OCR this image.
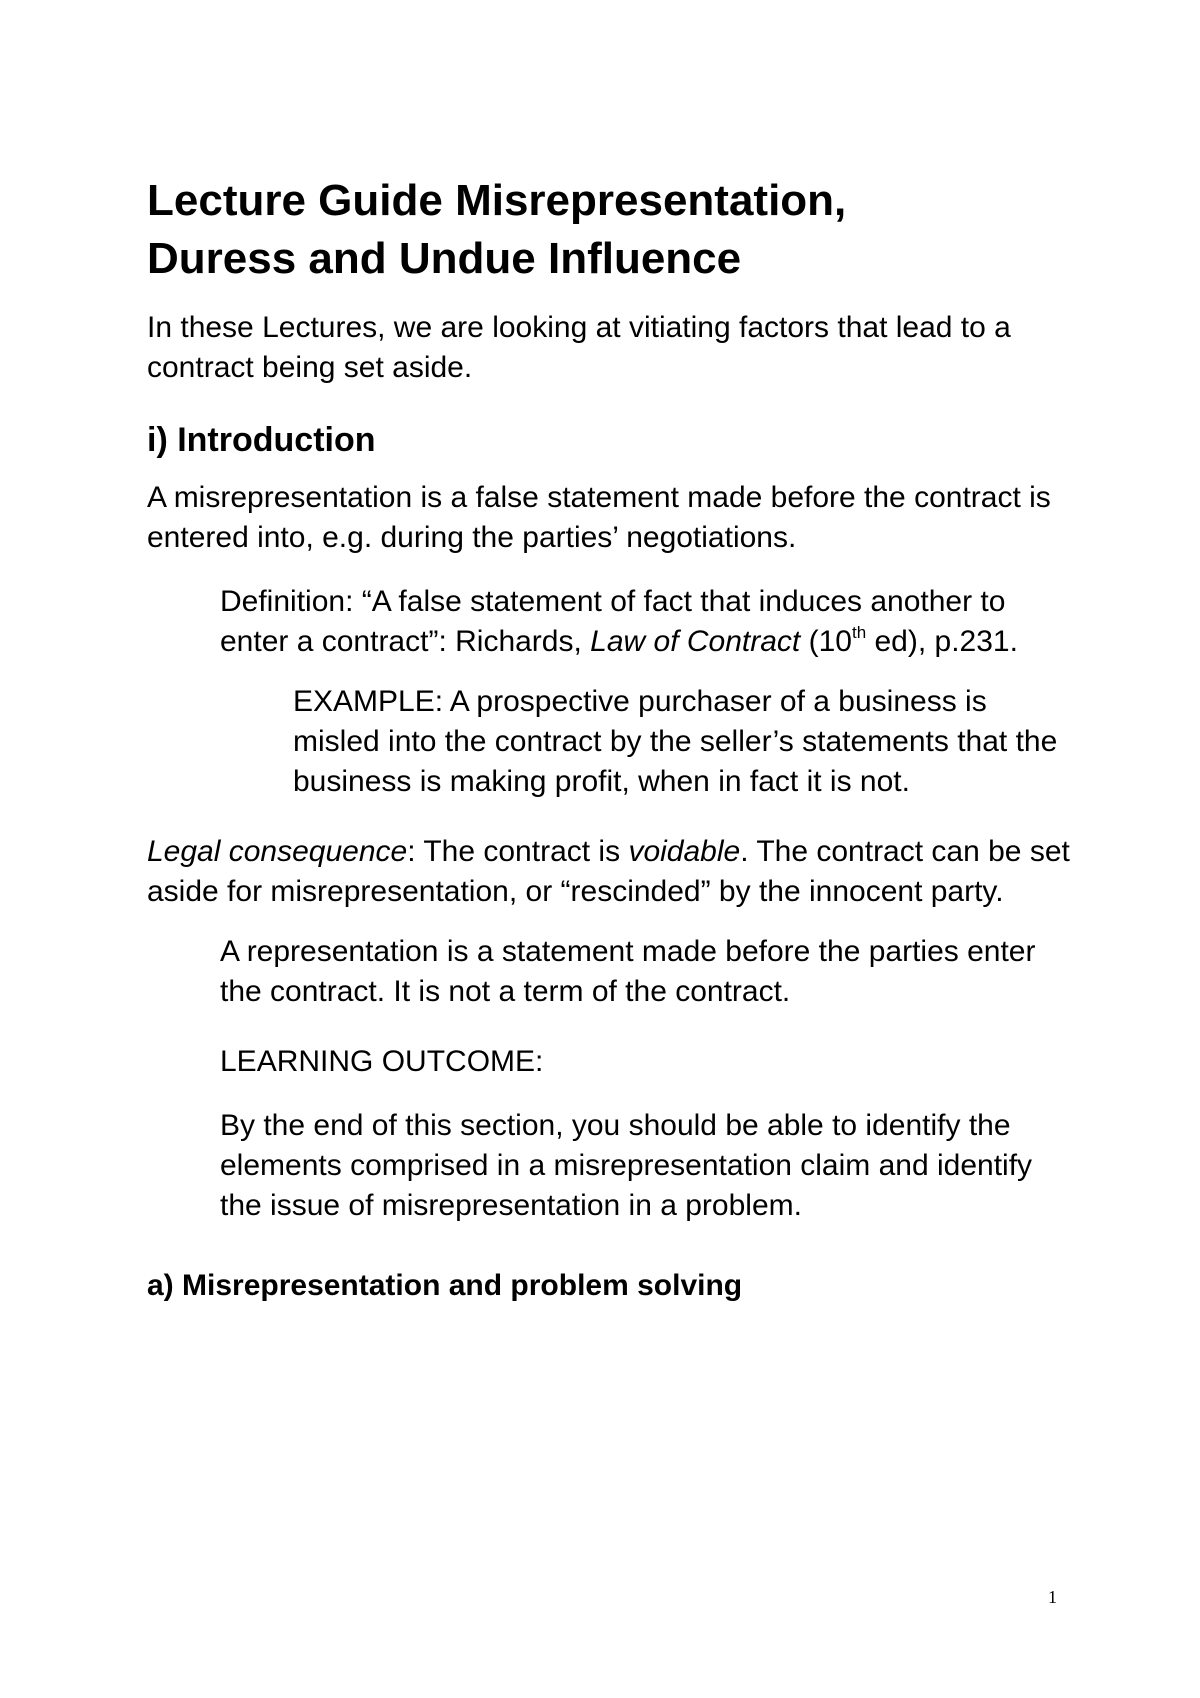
Lecture Guide Misrepresentation,
Duress and Undue Influence

In these Lectures, we are looking at vitiating factors that lead to a contract being set aside.

i) Introduction

A misrepresentation is a false statement made before the contract is entered into, e.g. during the parties’ negotiations.

Definition: “A false statement of fact that induces another to enter a contract”: Richards, Law of Contract (10th ed), p.231.

EXAMPLE: A prospective purchaser of a business is misled into the contract by the seller’s statements that the business is making profit, when in fact it is not.

Legal consequence: The contract is voidable. The contract can be set aside for misrepresentation, or “rescinded” by the innocent party.

A representation is a statement made before the parties enter the contract. It is not a term of the contract.

LEARNING OUTCOME:

By the end of this section, you should be able to identify the elements comprised in a misrepresentation claim and identify the issue of misrepresentation in a problem.

a) Misrepresentation and problem solving
1
